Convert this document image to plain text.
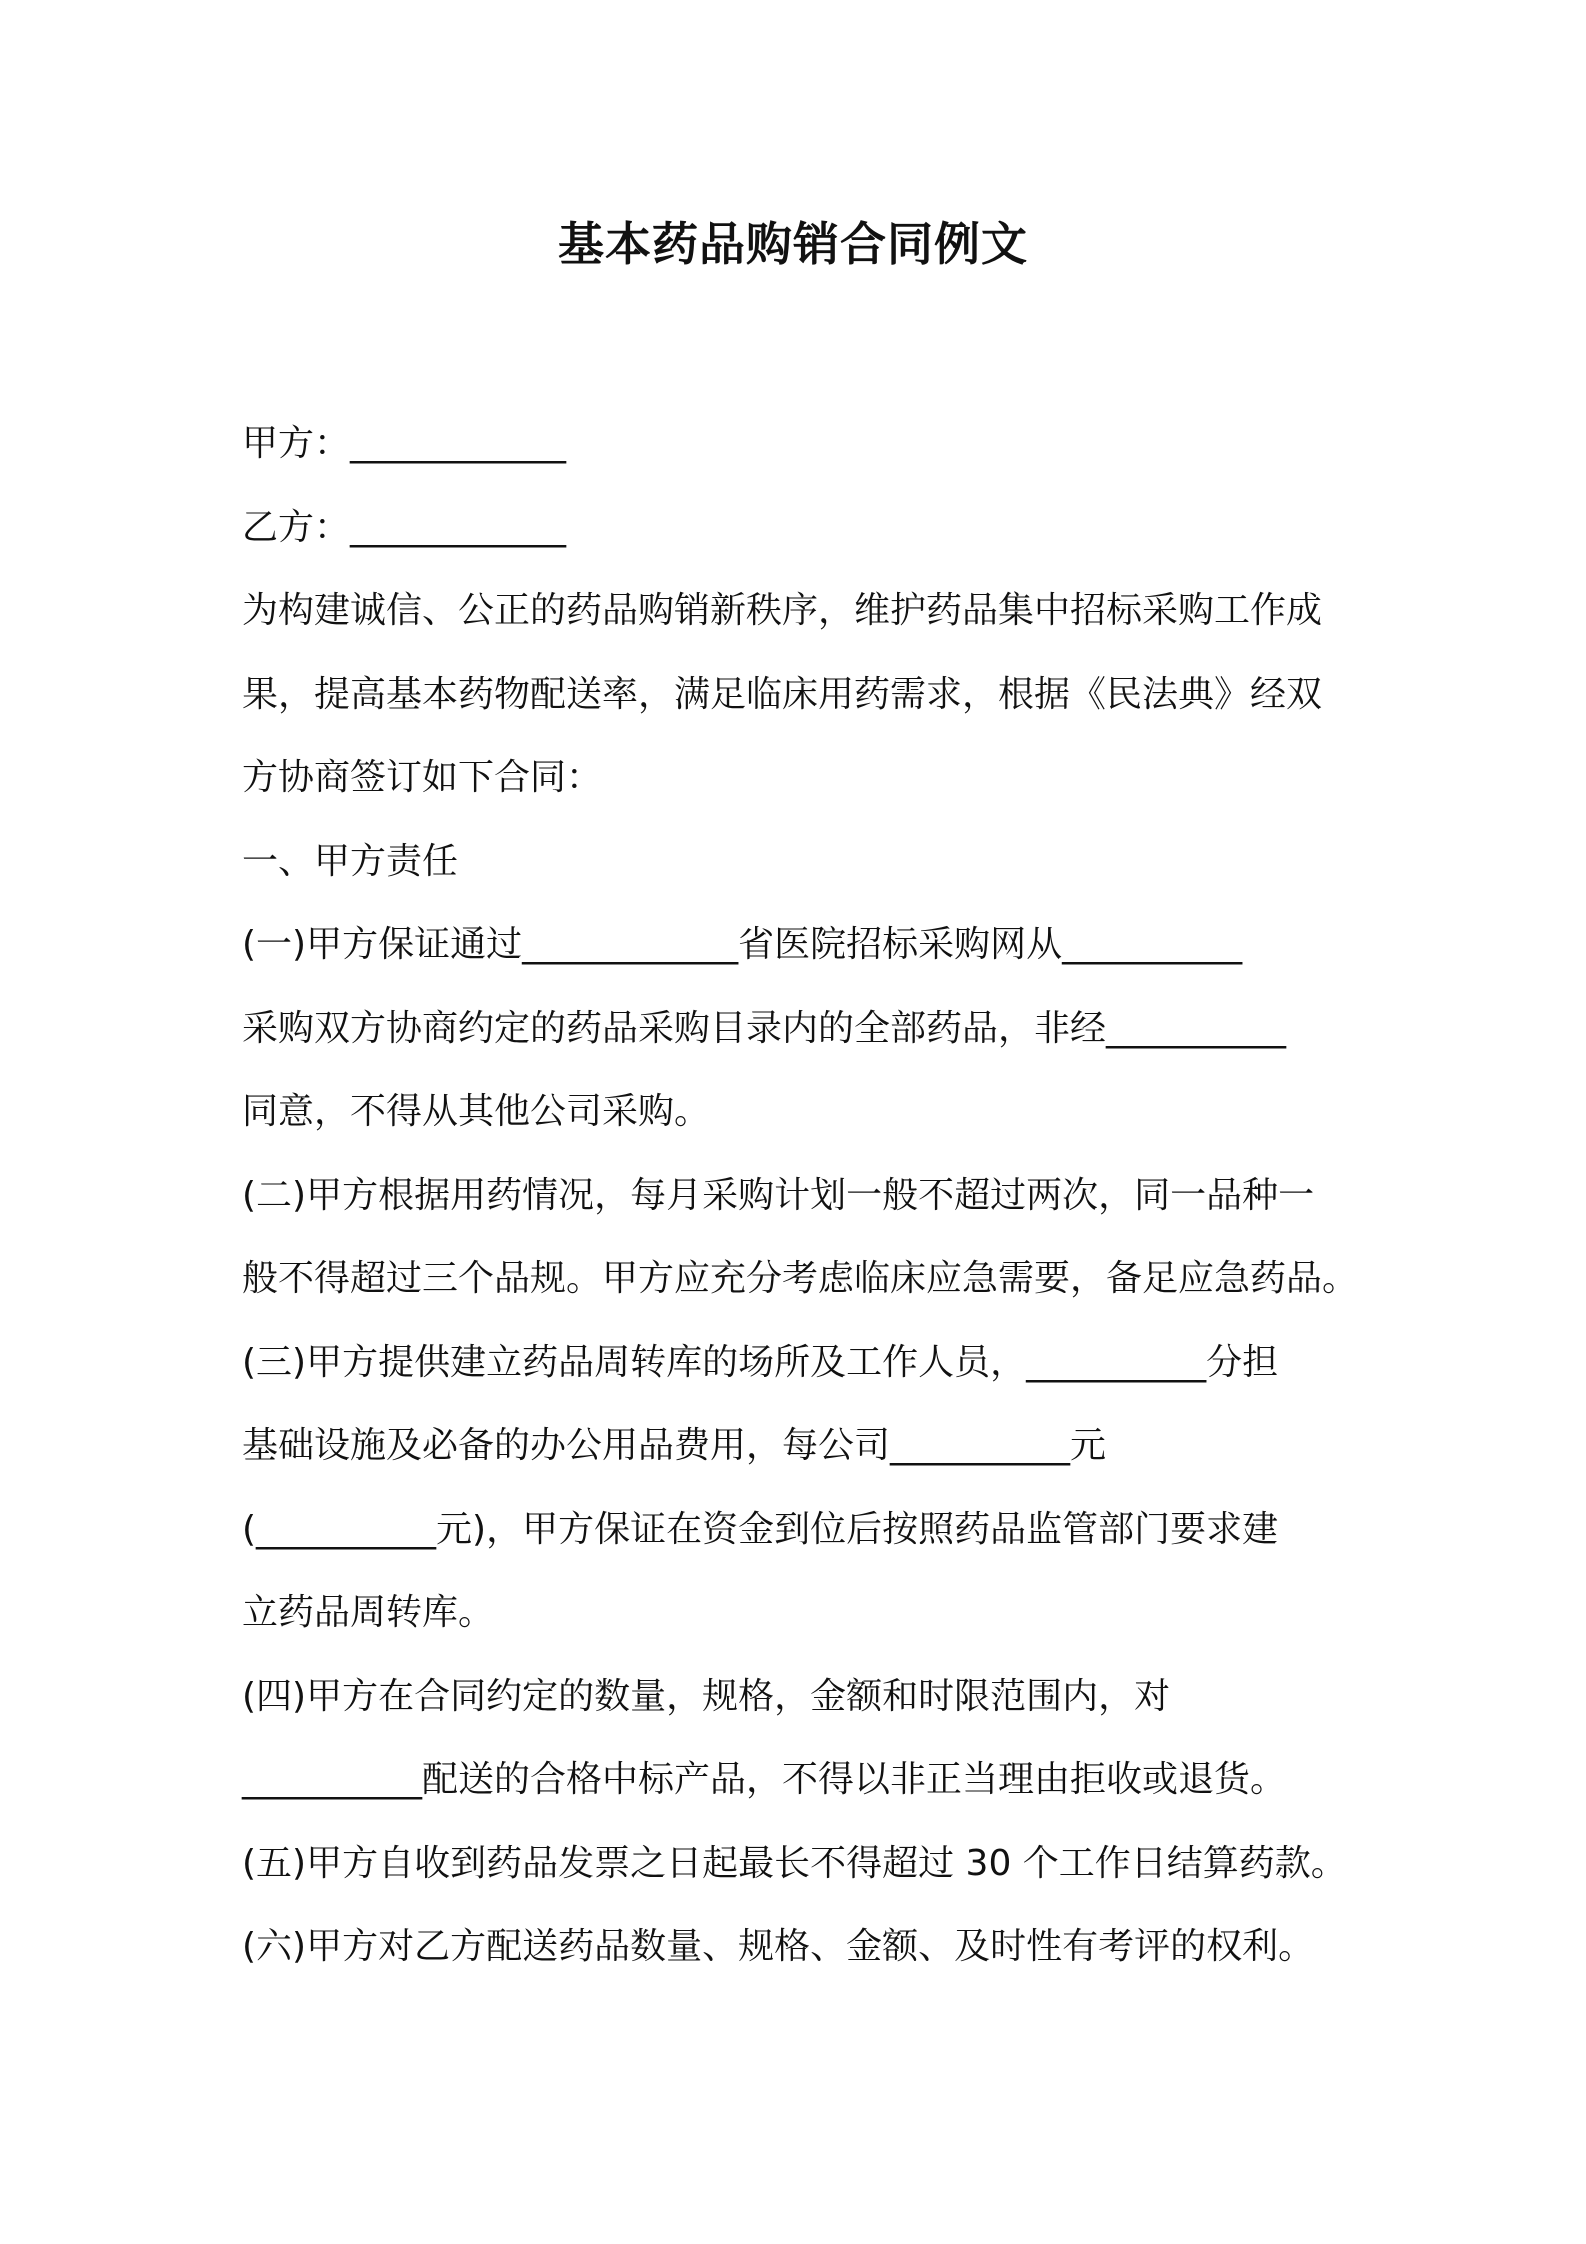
基本药品购销合同例文

甲方：____________

乙方：____________

为构建诚信、公正的药品购销新秩序，维护药品集中招标采购工作成

果，提高基本药物配送率，满足临床用药需求，根据《民法典》经双

方协商签订如下合同：

一、甲方责任

(一)甲方保证通过____________省医院招标采购网从__________

采购双方协商约定的药品采购目录内的全部药品，非经__________

同意，不得从其他公司采购。

(二)甲方根据用药情况，每月采购计划一般不超过两次，同一品种一

般不得超过三个品规。甲方应充分考虑临床应急需要，备足应急药品。

(三)甲方提供建立药品周转库的场所及工作人员，__________分担

基础设施及必备的办公用品费用，每公司__________元

(__________元)，甲方保证在资金到位后按照药品监管部门要求建

立药品周转库。

(四)甲方在合同约定的数量，规格，金额和时限范围内，对

__________配送的合格中标产品，不得以非正当理由拒收或退货。

(五)甲方自收到药品发票之日起最长不得超过 30 个工作日结算药款。

(六)甲方对乙方配送药品数量、规格、金额、及时性有考评的权利。
